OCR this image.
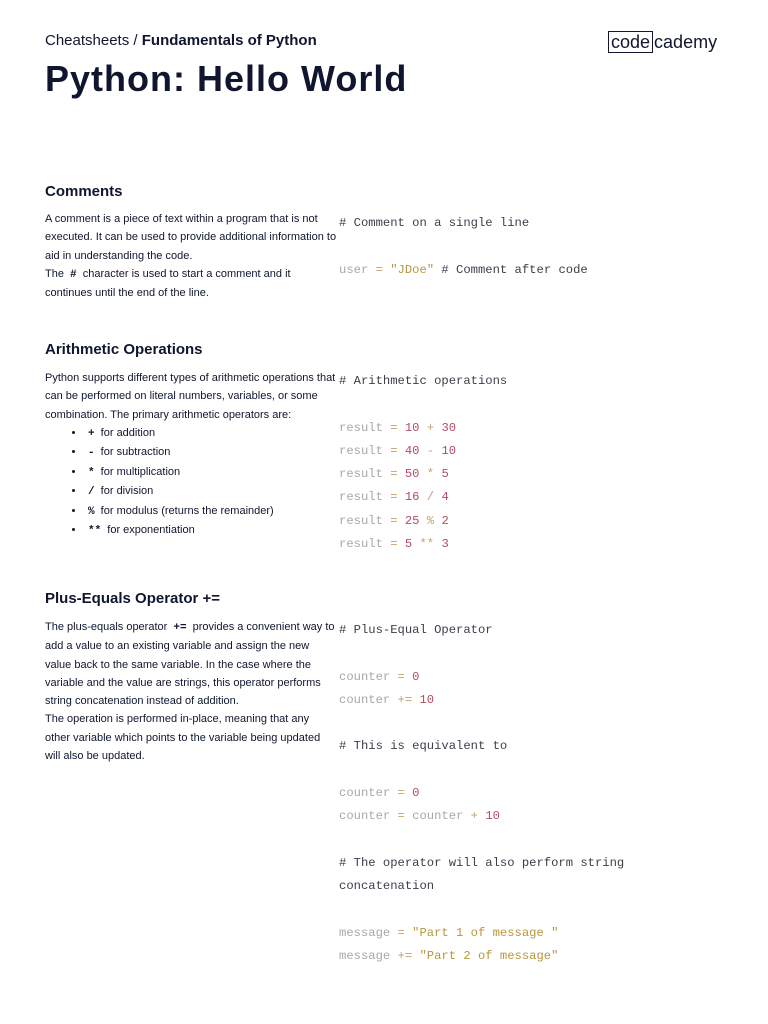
Cheatsheets / Fundamentals of Python	code cademy
Python: Hello World
Comments

A comment is a piece of text within a program that is not executed. It can be used to provide additional information to aid in understanding the code.

The # character is used to start a comment and it continues until the end of the line.

# Comment on a single line
user = "JDoe" # Comment after code
Arithmetic Operations

Python supports different types of arithmetic operations that can be performed on literal numbers, variables, or some combination. The primary arithmetic operators are:

• + for addition
• - for subtraction
• * for multiplication
• / for division
• % for modulus (returns the remainder)
• ** for exponentiation
# Arithmetic operations
result = 10 + 30
result = 40 - 10
result = 50 * 5
result = 16 / 4
result = 25 % 2
result = 5 ** 3
Plus-Equals Operator +=

The plus-equals operator += provides a convenient way to add a value to an existing variable and assign the new value back to the same variable. In the case where the variable and the value are strings, this operator performs string concatenation instead of addition.

The operation is performed in-place, meaning that any other variable which points to the variable being updated will also be updated.

# Plus-Equal Operator
counter = 0
counter += 10
# This is equivalent to
counter = 0
counter = counter + 10
# The operator will also perform string
concatenation
message = "Part 1 of message "
message += "Part 2 of message"
